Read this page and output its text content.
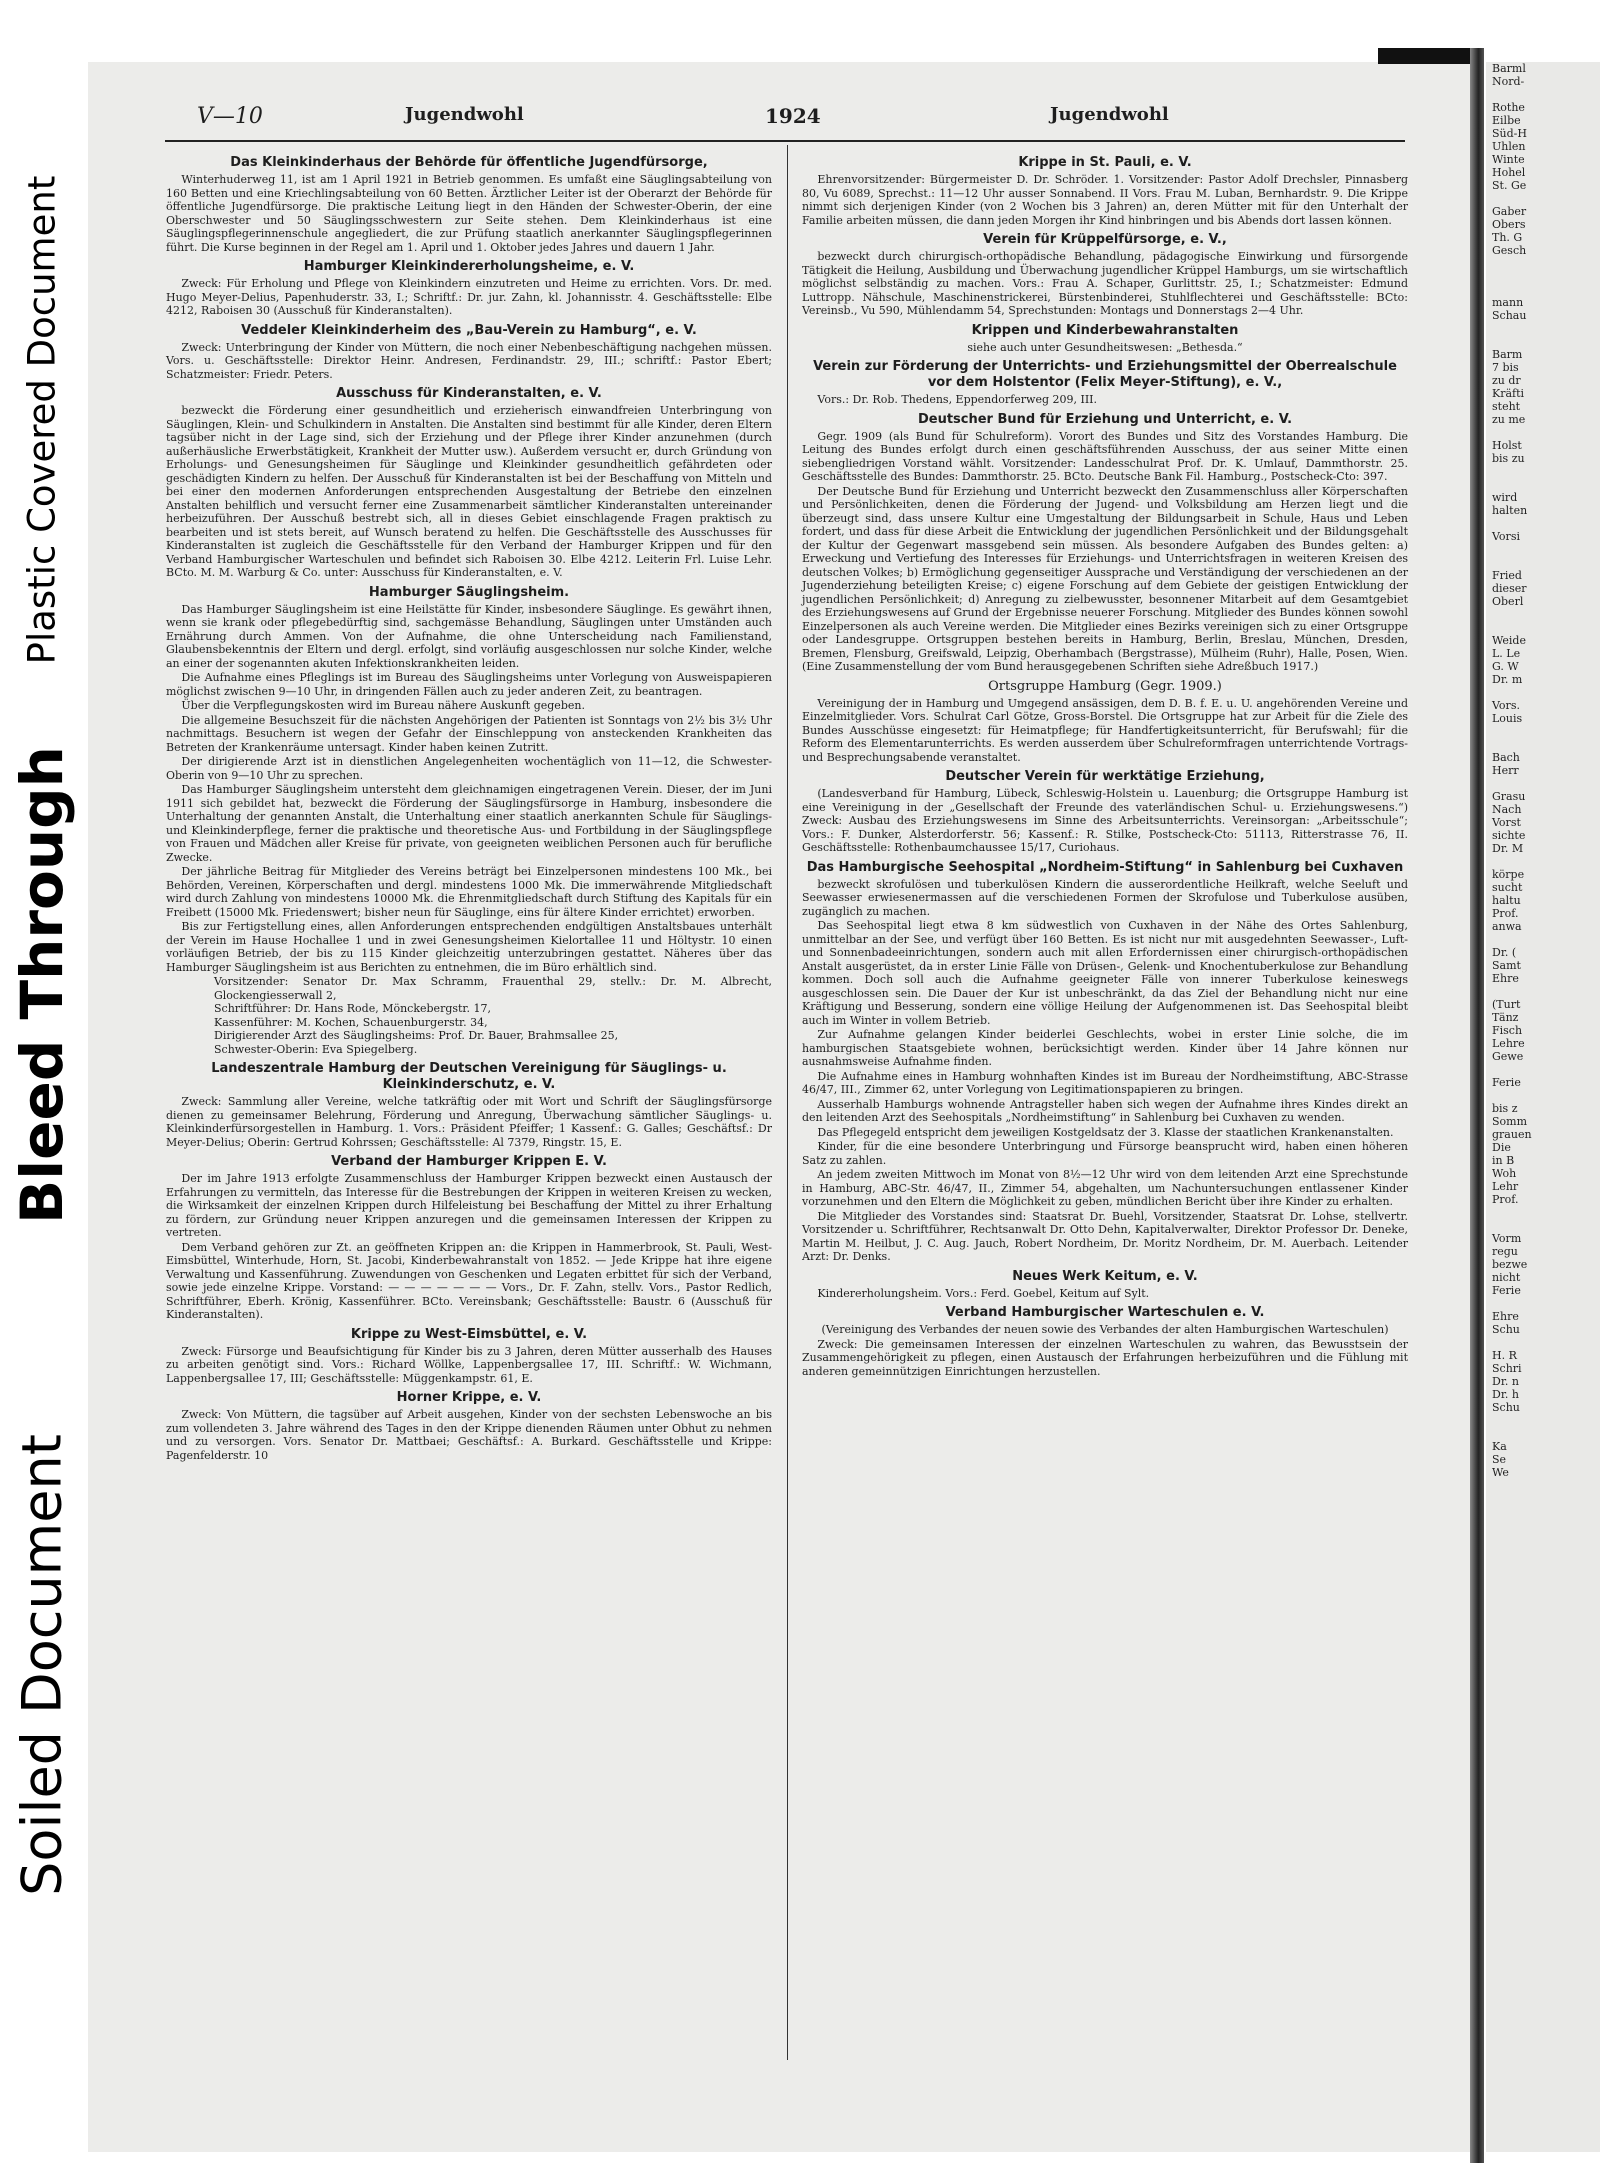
Plastic Covered Document
Bleed Through
Soiled Document
Barml
Nord-

Rothe
Eilbe
Süd-H
Uhlen
Winte
Hohel
St. Ge

Gaber
Obers
Th. G
Gesch

mann
Schau

Barm
7 bis
zu dr
Kräfti
steht
zu me

Holst
bis zu

wird
halten

Vorsi

Fried
dieser
Oberl

Weide
L. Le
G. W
Dr. m

Vors.
Louis

Bach
Herr

Grasu
Nach
Vorst
sichte
Dr. M

körpe
sucht
haltu
Prof.
anwa

Dr. (
Samt
Ehre

(Turt
Tänz
Fisch
Lehre
Gewe

Ferie

bis z
Somm
grauen
Die
in B
Woh
Lehr
Prof.

Vorm
regu
bezwe
nicht
Ferie

Ehre
Schu

H. R
Schri
Dr. n
Dr. h
Schu

Ka
Se
We
V—10	Jugendwohl	1924	Jugendwohl
Das Kleinkinderhaus der Behörde für öffentliche Jugendfürsorge,

Winterhuderweg 11, ist am 1 April 1921 in Betrieb genommen. Es umfaßt eine Säuglingsabteilung von 160 Betten und eine Kriechlingsabteilung von 60 Betten. Ärztlicher Leiter ist der Oberarzt der Behörde für öffentliche Jugendfürsorge. Die praktische Leitung liegt in den Händen der Schwester-Oberin, der eine Oberschwester und 50 Säuglingsschwestern zur Seite stehen. Dem Kleinkinderhaus ist eine Säuglingspflegerinnenschule angegliedert, die zur Prüfung staatlich anerkannter Säuglingspflegerinnen führt. Die Kurse beginnen in der Regel am 1. April und 1. Oktober jedes Jahres und dauern 1 Jahr.

Hamburger Kleinkindererholungsheime, e. V.

Zweck: Für Erholung und Pflege von Kleinkindern einzutreten und Heime zu errichten. Vors. Dr. med. Hugo Meyer-Delius, Papenhuderstr. 33, I.; Schriftf.: Dr. jur. Zahn, kl. Johannisstr. 4. Geschäftsstelle: Elbe 4212, Raboisen 30 (Ausschuß für Kinderanstalten).

Veddeler Kleinkinderheim des „Bau-Verein zu Hamburg“, e. V.

Zweck: Unterbringung der Kinder von Müttern, die noch einer Nebenbeschäftigung nachgehen müssen. Vors. u. Geschäftsstelle: Direktor Heinr. Andresen, Ferdinandstr. 29, III.; schriftf.: Pastor Ebert; Schatzmeister: Friedr. Peters.

Ausschuss für Kinderanstalten, e. V.

bezweckt die Förderung einer gesundheitlich und erzieherisch einwandfreien Unterbringung von Säuglingen, Klein- und Schulkindern in Anstalten. Die Anstalten sind bestimmt für alle Kinder, deren Eltern tagsüber nicht in der Lage sind, sich der Erziehung und der Pflege ihrer Kinder anzunehmen (durch außerhäusliche Erwerbstätigkeit, Krankheit der Mutter usw.). Außerdem versucht er, durch Gründung von Erholungs- und Genesungsheimen für Säuglinge und Kleinkinder gesundheitlich gefährdeten oder geschädigten Kindern zu helfen. Der Ausschuß für Kinderanstalten ist bei der Beschaffung von Mitteln und bei einer den modernen Anforderungen entsprechenden Ausgestaltung der Betriebe den einzelnen Anstalten behilflich und versucht ferner eine Zusammenarbeit sämtlicher Kinderanstalten untereinander herbeizuführen. Der Ausschuß bestrebt sich, all in dieses Gebiet einschlagende Fragen praktisch zu bearbeiten und ist stets bereit, auf Wunsch beratend zu helfen. Die Geschäftsstelle des Ausschusses für Kinderanstalten ist zugleich die Geschäftsstelle für den Verband der Hamburger Krippen und für den Verband Hamburgischer Warteschulen und befindet sich Raboisen 30. Elbe 4212. Leiterin Frl. Luise Lehr. BCto. M. M. Warburg & Co. unter: Ausschuss für Kinderanstalten, e. V.

Hamburger Säuglingsheim.

Das Hamburger Säuglingsheim ist eine Heilstätte für Kinder, insbesondere Säuglinge. Es gewährt ihnen, wenn sie krank oder pflegebedürftig sind, sachgemässe Behandlung, Säuglingen unter Umständen auch Ernährung durch Ammen. Von der Aufnahme, die ohne Unterscheidung nach Familienstand, Glaubensbekenntnis der Eltern und dergl. erfolgt, sind vorläufig ausgeschlossen nur solche Kinder, welche an einer der sogenannten akuten Infektionskrankheiten leiden.

Die Aufnahme eines Pfleglings ist im Bureau des Säuglingsheims unter Vorlegung von Ausweispapieren möglichst zwischen 9—10 Uhr, in dringenden Fällen auch zu jeder anderen Zeit, zu beantragen.

Über die Verpflegungskosten wird im Bureau nähere Auskunft gegeben.

Die allgemeine Besuchszeit für die nächsten Angehörigen der Patienten ist Sonntags von 2½ bis 3½ Uhr nachmittags. Besuchern ist wegen der Gefahr der Einschleppung von ansteckenden Krankheiten das Betreten der Krankenräume untersagt. Kinder haben keinen Zutritt.

Der dirigierende Arzt ist in dienstlichen Angelegenheiten wochentäglich von 11—12, die Schwester-Oberin von 9—10 Uhr zu sprechen.

Das Hamburger Säuglingsheim untersteht dem gleichnamigen eingetragenen Verein. Dieser, der im Juni 1911 sich gebildet hat, bezweckt die Förderung der Säuglingsfürsorge in Hamburg, insbesondere die Unterhaltung der genannten Anstalt, die Unterhaltung einer staatlich anerkannten Schule für Säuglings- und Kleinkinderpflege, ferner die praktische und theoretische Aus- und Fortbildung in der Säuglingspflege von Frauen und Mädchen aller Kreise für private, von geeigneten weiblichen Personen auch für berufliche Zwecke.

Der jährliche Beitrag für Mitglieder des Vereins beträgt bei Einzelpersonen mindestens 100 Mk., bei Behörden, Vereinen, Körperschaften und dergl. mindestens 1000 Mk. Die immerwährende Mitgliedschaft wird durch Zahlung von mindestens 10000 Mk. die Ehrenmitgliedschaft durch Stiftung des Kapitals für ein Freibett (15000 Mk. Friedenswert; bisher neun für Säuglinge, eins für ältere Kinder errichtet) erworben.

Bis zur Fertigstellung eines, allen Anforderungen entsprechenden endgültigen Anstaltsbaues unterhält der Verein im Hause Hochallee 1 und in zwei Genesungsheimen Kielortallee 11 und Höltystr. 10 einen vorläufigen Betrieb, der bis zu 115 Kinder gleichzeitig unterzubringen gestattet. Näheres über das Hamburger Säuglingsheim ist aus Berichten zu entnehmen, die im Büro erhältlich sind.

Vorsitzender: Senator Dr. Max Schramm, Frauenthal 29, stellv.: Dr. M. Albrecht, Glockengiesserwall 2,
Schriftführer: Dr. Hans Rode, Mönckebergstr. 17,
Kassenführer: M. Kochen, Schauenburgerstr. 34,
Dirigierender Arzt des Säuglingsheims: Prof. Dr. Bauer, Brahmsallee 25,
Schwester-Oberin: Eva Spiegelberg.
Landeszentrale Hamburg der Deutschen Vereinigung für Säuglings- u. Kleinkinderschutz, e. V.

Zweck: Sammlung aller Vereine, welche tatkräftig oder mit Wort und Schrift der Säuglingsfürsorge dienen zu gemeinsamer Belehrung, Förderung und Anregung, Überwachung sämtlicher Säuglings- u. Kleinkinderfürsorgestellen in Hamburg. 1. Vors.: Präsident Pfeiffer; 1 Kassenf.: G. Galles; Geschäftsf.: Dr Meyer-Delius; Oberin: Gertrud Kohrssen; Geschäftsstelle: Al 7379, Ringstr. 15, E.

Verband der Hamburger Krippen E. V.

Der im Jahre 1913 erfolgte Zusammenschluss der Hamburger Krippen bezweckt einen Austausch der Erfahrungen zu vermitteln, das Interesse für die Bestrebungen der Krippen in weiteren Kreisen zu wecken, die Wirksamkeit der einzelnen Krippen durch Hilfeleistung bei Beschaffung der Mittel zu ihrer Erhaltung zu fördern, zur Gründung neuer Krippen anzuregen und die gemeinsamen Interessen der Krippen zu vertreten.

Dem Verband gehören zur Zt. an geöffneten Krippen an: die Krippen in Hammerbrook, St. Pauli, West-Eimsbüttel, Winterhude, Horn, St. Jacobi, Kinderbewahranstalt von 1852. — Jede Krippe hat ihre eigene Verwaltung und Kassenführung. Zuwendungen von Geschenken und Legaten erbittet für sich der Verband, sowie jede einzelne Krippe. Vorstand: — — — — — — — Vors., Dr. F. Zahn, stellv. Vors., Pastor Redlich, Schriftführer, Eberh. Krönig, Kassenführer. BCto. Vereinsbank; Geschäftsstelle: Baustr. 6 (Ausschuß für Kinderanstalten).

Krippe zu West-Eimsbüttel, e. V.

Zweck: Fürsorge und Beaufsichtigung für Kinder bis zu 3 Jahren, deren Mütter ausserhalb des Hauses zu arbeiten genötigt sind. Vors.: Richard Wöllke, Lappenbergsallee 17, III. Schriftf.: W. Wichmann, Lappenbergsallee 17, III; Geschäftsstelle: Müggenkampstr. 61, E.

Horner Krippe, e. V.

Zweck: Von Müttern, die tagsüber auf Arbeit ausgehen, Kinder von der sechsten Lebenswoche an bis zum vollendeten 3. Jahre während des Tages in den der Krippe dienenden Räumen unter Obhut zu nehmen und zu versorgen. Vors. Senator Dr. Mattbaei; Geschäftsf.: A. Burkard. Geschäftsstelle und Krippe: Pagenfelderstr. 10

Krippe in St. Pauli, e. V.

Ehrenvorsitzender: Bürgermeister D. Dr. Schröder. 1. Vorsitzender: Pastor Adolf Drechsler, Pinnasberg 80, Vu 6089, Sprechst.: 11—12 Uhr ausser Sonnabend. II Vors. Frau M. Luban, Bernhardstr. 9. Die Krippe nimmt sich derjenigen Kinder (von 2 Wochen bis 3 Jahren) an, deren Mütter mit für den Unterhalt der Familie arbeiten müssen, die dann jeden Morgen ihr Kind hinbringen und bis Abends dort lassen können.

Verein für Krüppelfürsorge, e. V.,

bezweckt durch chirurgisch-orthopädische Behandlung, pädagogische Einwirkung und fürsorgende Tätigkeit die Heilung, Ausbildung und Überwachung jugendlicher Krüppel Hamburgs, um sie wirtschaftlich möglichst selbständig zu machen. Vors.: Frau A. Schaper, Gurlittstr. 25, I.; Schatzmeister: Edmund Luttropp. Nähschule, Maschinenstrickerei, Bürstenbinderei, Stuhlflechterei und Geschäftsstelle: BCto: Vereinsb., Vu 590, Mühlendamm 54, Sprechstunden: Montags und Donnerstags 2—4 Uhr.

Krippen und Kinderbewahranstalten

siehe auch unter Gesundheitswesen: „Bethesda.“

Verein zur Förderung der Unterrichts- und Erziehungsmittel der Oberrealschule vor dem Holstentor (Felix Meyer-Stiftung), e. V.,

Vors.: Dr. Rob. Thedens, Eppendorferweg 209, III.

Deutscher Bund für Erziehung und Unterricht, e. V.

Gegr. 1909 (als Bund für Schulreform). Vorort des Bundes und Sitz des Vorstandes Hamburg. Die Leitung des Bundes erfolgt durch einen geschäftsführenden Ausschuss, der aus seiner Mitte einen siebengliedrigen Vorstand wählt. Vorsitzender: Landesschulrat Prof. Dr. K. Umlauf, Dammthorstr. 25. Geschäftsstelle des Bundes: Dammthorstr. 25. BCto. Deutsche Bank Fil. Hamburg., Postscheck-Cto: 397.

Der Deutsche Bund für Erziehung und Unterricht bezweckt den Zusammenschluss aller Körperschaften und Persönlichkeiten, denen die Förderung der Jugend- und Volksbildung am Herzen liegt und die überzeugt sind, dass unsere Kultur eine Umgestaltung der Bildungsarbeit in Schule, Haus und Leben fordert, und dass für diese Arbeit die Entwicklung der jugendlichen Persönlichkeit und der Bildungsgehalt der Kultur der Gegenwart massgebend sein müssen. Als besondere Aufgaben des Bundes gelten: a) Erweckung und Vertiefung des Interesses für Erziehungs- und Unterrichtsfragen in weiteren Kreisen des deutschen Volkes; b) Ermöglichung gegenseitiger Aussprache und Verständigung der verschiedenen an der Jugenderziehung beteiligten Kreise; c) eigene Forschung auf dem Gebiete der geistigen Entwicklung der jugendlichen Persönlichkeit; d) Anregung zu zielbewusster, besonnener Mitarbeit auf dem Gesamtgebiet des Erziehungswesens auf Grund der Ergebnisse neuerer Forschung. Mitglieder des Bundes können sowohl Einzelpersonen als auch Vereine werden. Die Mitglieder eines Bezirks vereinigen sich zu einer Ortsgruppe oder Landesgruppe. Ortsgruppen bestehen bereits in Hamburg, Berlin, Breslau, München, Dresden, Bremen, Flensburg, Greifswald, Leipzig, Oberhambach (Bergstrasse), Mülheim (Ruhr), Halle, Posen, Wien. (Eine Zusammenstellung der vom Bund herausgegebenen Schriften siehe Adreßbuch 1917.)

Ortsgruppe Hamburg (Gegr. 1909.)

Vereinigung der in Hamburg und Umgegend ansässigen, dem D. B. f. E. u. U. angehörenden Vereine und Einzelmitglieder. Vors. Schulrat Carl Götze, Gross-Borstel. Die Ortsgruppe hat zur Arbeit für die Ziele des Bundes Ausschüsse eingesetzt: für Heimatpflege; für Handfertigkeitsunterricht, für Berufswahl; für die Reform des Elementarunterrichts. Es werden ausserdem über Schulreformfragen unterrichtende Vortrags- und Besprechungsabende veranstaltet.

Deutscher Verein für werktätige Erziehung,

(Landesverband für Hamburg, Lübeck, Schleswig-Holstein u. Lauenburg; die Ortsgruppe Hamburg ist eine Vereinigung in der „Gesellschaft der Freunde des vaterländischen Schul- u. Erziehungswesens.“) Zweck: Ausbau des Erziehungswesens im Sinne des Arbeitsunterrichts. Vereinsorgan: „Arbeitsschule“; Vors.: F. Dunker, Alsterdorferstr. 56; Kassenf.: R. Stilke, Postscheck-Cto: 51113, Ritterstrasse 76, II. Geschäftsstelle: Rothenbaumchaussee 15/17, Curiohaus.

Das Hamburgische Seehospital „Nordheim-Stiftung“ in Sahlenburg bei Cuxhaven

bezweckt skrofulösen und tuberkulösen Kindern die ausserordentliche Heilkraft, welche Seeluft und Seewasser erwiesenermassen auf die verschiedenen Formen der Skrofulose und Tuberkulose ausüben, zugänglich zu machen.

Das Seehospital liegt etwa 8 km südwestlich von Cuxhaven in der Nähe des Ortes Sahlenburg, unmittelbar an der See, und verfügt über 160 Betten. Es ist nicht nur mit ausgedehnten Seewasser-, Luft- und Sonnenbadeeinrichtungen, sondern auch mit allen Erfordernissen einer chirurgisch-orthopädischen Anstalt ausgerüstet, da in erster Linie Fälle von Drüsen-, Gelenk- und Knochentuberkulose zur Behandlung kommen. Doch soll auch die Aufnahme geeigneter Fälle von innerer Tuberkulose keineswegs ausgeschlossen sein. Die Dauer der Kur ist unbeschränkt, da das Ziel der Behandlung nicht nur eine Kräftigung und Besserung, sondern eine völlige Heilung der Aufgenommenen ist. Das Seehospital bleibt auch im Winter in vollem Betrieb.

Zur Aufnahme gelangen Kinder beiderlei Geschlechts, wobei in erster Linie solche, die im hamburgischen Staatsgebiete wohnen, berücksichtigt werden. Kinder über 14 Jahre können nur ausnahmsweise Aufnahme finden.

Die Aufnahme eines in Hamburg wohnhaften Kindes ist im Bureau der Nordheimstiftung, ABC-Strasse 46/47, III., Zimmer 62, unter Vorlegung von Legitimationspapieren zu bringen.

Ausserhalb Hamburgs wohnende Antragsteller haben sich wegen der Aufnahme ihres Kindes direkt an den leitenden Arzt des Seehospitals „Nordheimstiftung“ in Sahlenburg bei Cuxhaven zu wenden.

Das Pflegegeld entspricht dem jeweiligen Kostgeldsatz der 3. Klasse der staatlichen Krankenanstalten.

Kinder, für die eine besondere Unterbringung und Fürsorge beansprucht wird, haben einen höheren Satz zu zahlen.

An jedem zweiten Mittwoch im Monat von 8½—12 Uhr wird von dem leitenden Arzt eine Sprechstunde in Hamburg, ABC-Str. 46/47, II., Zimmer 54, abgehalten, um Nachuntersuchungen entlassener Kinder vorzunehmen und den Eltern die Möglichkeit zu geben, mündlichen Bericht über ihre Kinder zu erhalten.

Die Mitglieder des Vorstandes sind: Staatsrat Dr. Buehl, Vorsitzender, Staatsrat Dr. Lohse, stellvertr. Vorsitzender u. Schriftführer, Rechtsanwalt Dr. Otto Dehn, Kapitalverwalter, Direktor Professor Dr. Deneke, Martin M. Heilbut, J. C. Aug. Jauch, Robert Nordheim, Dr. Moritz Nordheim, Dr. M. Auerbach. Leitender Arzt: Dr. Denks.

Neues Werk Keitum, e. V.

Kindererholungsheim. Vors.: Ferd. Goebel, Keitum auf Sylt.

Verband Hamburgischer Warteschulen e. V.

(Vereinigung des Verbandes der neuen sowie des Verbandes der alten Hamburgischen Warteschulen)

Zweck: Die gemeinsamen Interessen der einzelnen Warteschulen zu wahren, das Bewusstsein der Zusammengehörigkeit zu pflegen, einen Austausch der Erfahrungen herbeizuführen und die Fühlung mit anderen gemeinnützigen Einrichtungen herzustellen.
